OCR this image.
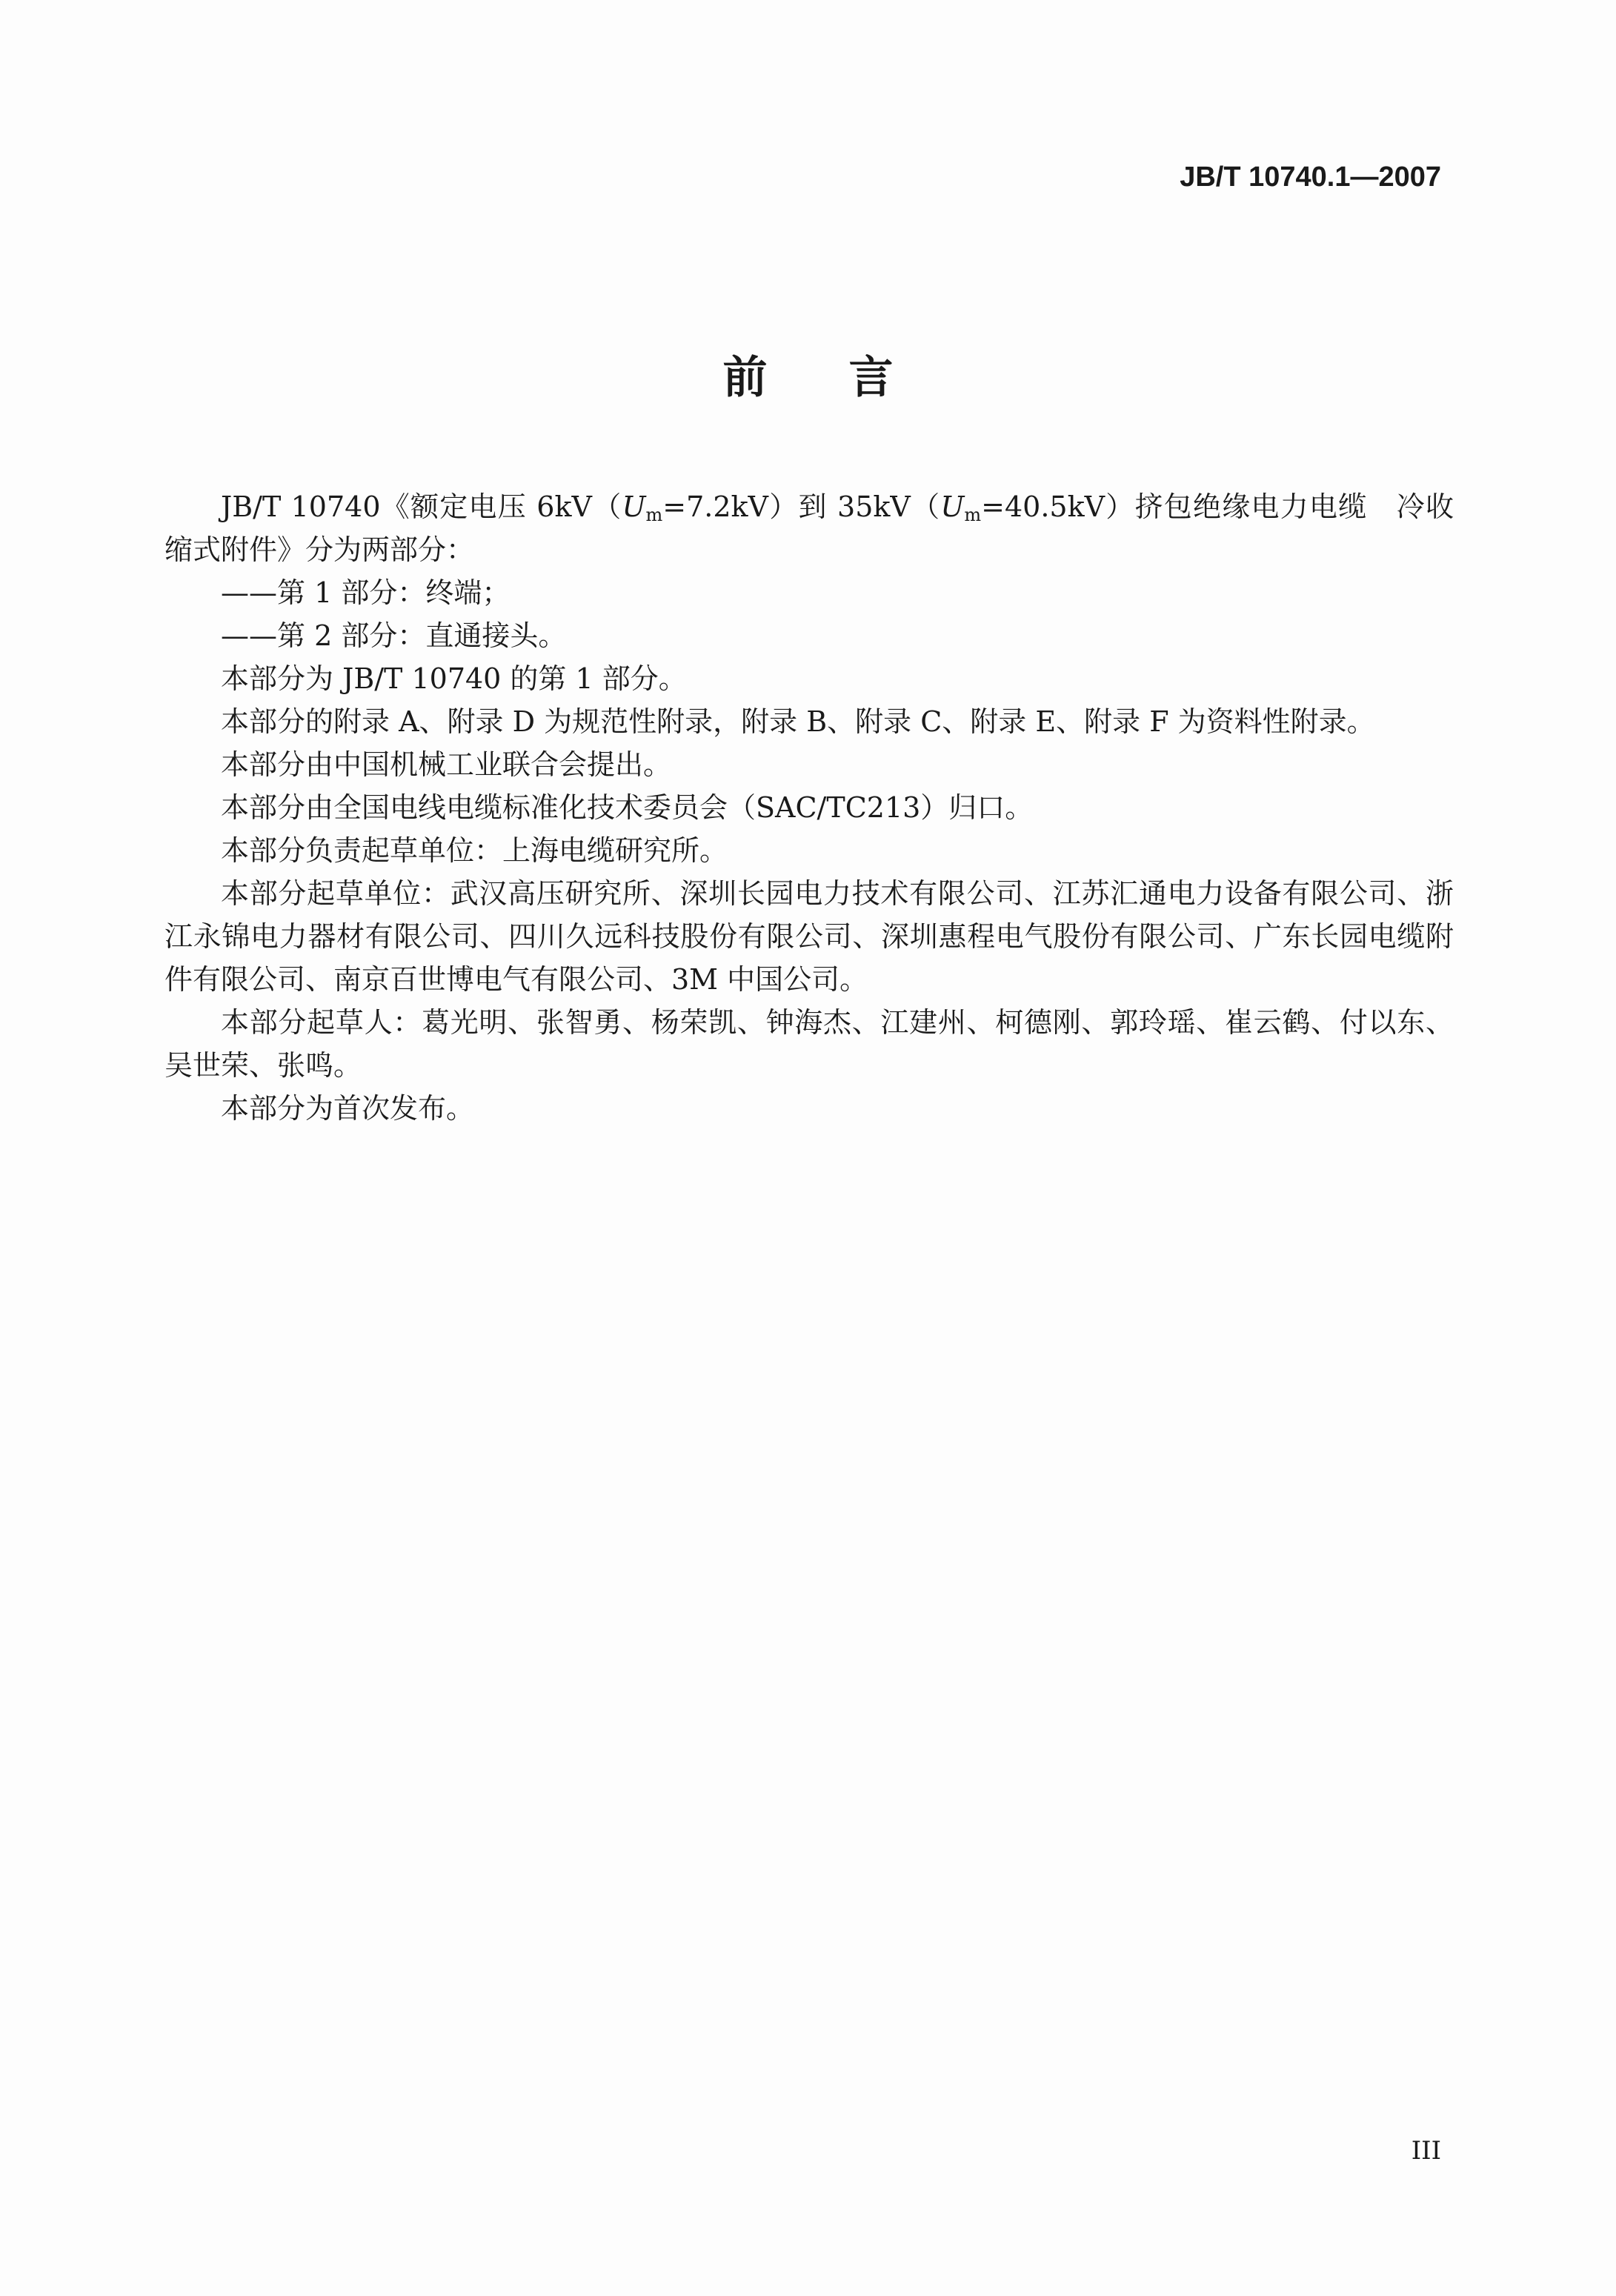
JB/T 10740.1—2007
前言

JB/T 10740《额定电压 $6kV(U_m=7.2kV)$到 $35kV(U_m=40.5kV)$挤包绝缘电力电缆　冷收缩式附件》分为两部分：

——第 1 部分：终端；

——第 2 部分：直通接头。

本部分为 JB/T 10740 的第 1 部分。

本部分的附录 A、附录 D 为规范性附录，附录 B、附录 C、附录 E、附录 F 为资料性附录。

本部分由中国机械工业联合会提出。

本部分由全国电线电缆标准化技术委员会（SAC/TC213）归口。

本部分负责起草单位：上海电缆研究所。

本部分起草单位：武汉高压研究所、深圳长园电力技术有限公司、江苏汇通电力设备有限公司、浙江永锦电力器材有限公司、四川久远科技股份有限公司、深圳惠程电气股份有限公司、广东长园电缆附件有限公司、南京百世博电气有限公司、3M 中国公司。

本部分起草人：葛光明、张智勇、杨荣凯、钟海杰、江建州、柯德刚、郭玲瑶、崔云鹤、付以东、吴世荣、张鸣。

本部分为首次发布。

III
